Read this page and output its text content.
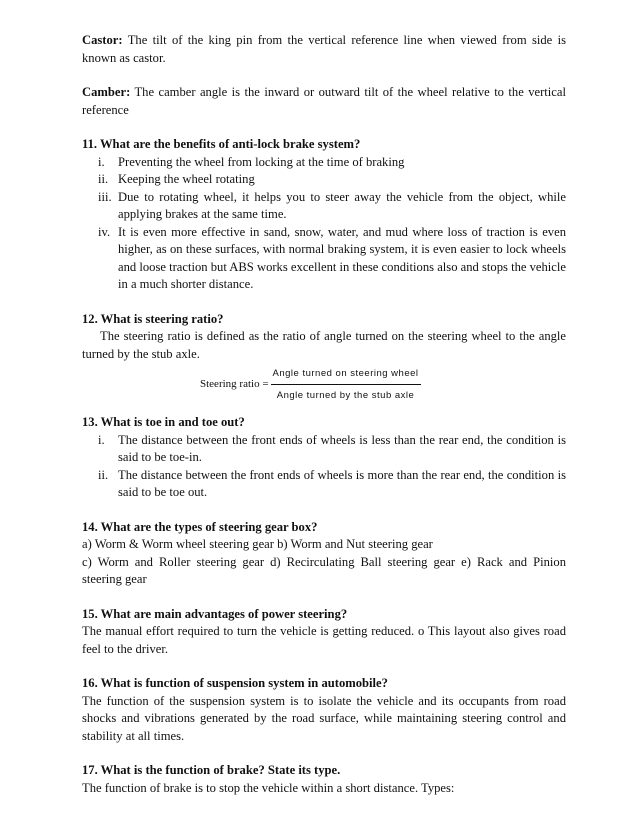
Castor: The tilt of the king pin from the vertical reference line when viewed from side is known as castor.

Camber: The camber angle is the inward or outward tilt of the wheel relative to the vertical reference

11. What are the benefits of anti-lock brake system?

i.	Preventing the wheel from locking at the time of braking
ii. Keeping the wheel rotating
iii. Due to rotating wheel, it helps you to steer away the vehicle from the object, while applying brakes at the same time.
iv. It is even more effective in sand, snow, water, and mud where loss of traction is even higher, as on these surfaces, with normal braking system, it is even easier to lock wheels and loose traction but ABS works excellent in these conditions also and stops the vehicle in a much shorter distance.

12. What is steering ratio?

The steering ratio is defined as the ratio of angle turned on the steering wheel to the angle turned by the stub axle.

Steering ratio = $\frac{\text{Angle turned on steering wheel}}{\text{Angle turned by the stub axle}}$

13. What is toe in and toe out?

i.	The distance between the front ends of wheels is less than the rear end, the condition is said to be toe-in.
ii. The distance between the front ends of wheels is more than the rear end, the condition is said to be toe out.

14. What are the types of steering gear box?

a) Worm & Worm wheel steering gear b) Worm and Nut steering gear

c) Worm and Roller steering gear d) Recirculating Ball steering gear e) Rack and Pinion steering gear

15. What are main advantages of power steering?

The manual effort required to turn the vehicle is getting reduced. o This layout also gives road feel to the driver.

16. What is function of suspension system in automobile?

The function of the suspension system is to isolate the vehicle and its occupants from road shocks and vibrations generated by the road surface, while maintaining steering control and stability at all times.

17. What is the function of brake? State its type.

The function of brake is to stop the vehicle within a short distance. Types:
